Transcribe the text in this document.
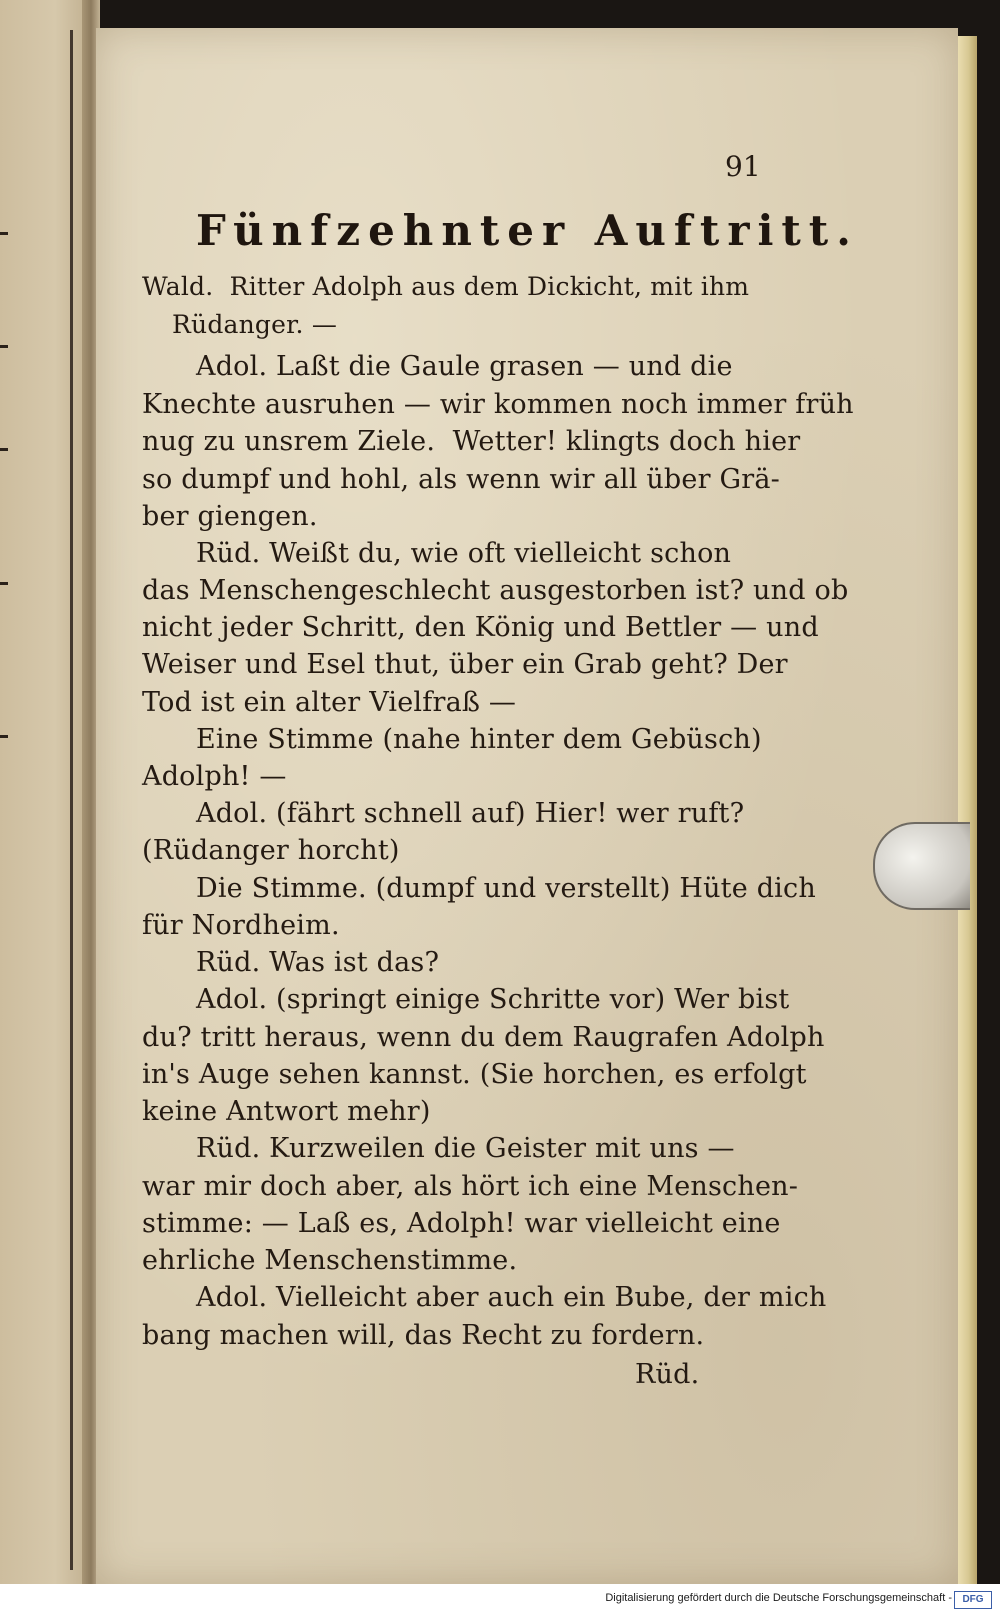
91

Fünfzehnter Auftritt.

Wald.  Ritter Adolph aus dem Dickicht, mit ihm

Rüdanger. —

Adol. Laßt die Gaule grasen — und die

Knechte ausruhen — wir kommen noch immer früh

nug zu unsrem Ziele.  Wetter! klingts doch hier

so dumpf und hohl, als wenn wir all über Grä-

ber giengen.

Rüd. Weißt du, wie oft vielleicht schon

das Menschengeschlecht ausgestorben ist? und ob

nicht jeder Schritt, den König und Bettler — und

Weiser und Esel thut, über ein Grab geht? Der

Tod ist ein alter Vielfraß —

Eine Stimme (nahe hinter dem Gebüsch)

Adolph! —

Adol. (fährt schnell auf) Hier! wer ruft?

(Rüdanger horcht)

Die Stimme. (dumpf und verstellt) Hüte dich

für Nordheim.

Rüd. Was ist das?

Adol. (springt einige Schritte vor) Wer bist

du? tritt heraus, wenn du dem Raugrafen Adolph

in's Auge sehen kannst. (Sie horchen, es erfolgt

keine Antwort mehr)

Rüd. Kurzweilen die Geister mit uns —

war mir doch aber, als hört ich eine Menschen-

stimme: — Laß es, Adolph! war vielleicht eine

ehrliche Menschenstimme.

Adol. Vielleicht aber auch ein Bube, der mich

bang machen will, das Recht zu fordern.

Rüd.

Digitalisierung gefördert durch die Deutsche Forschungsgemeinschaft -	DFG
